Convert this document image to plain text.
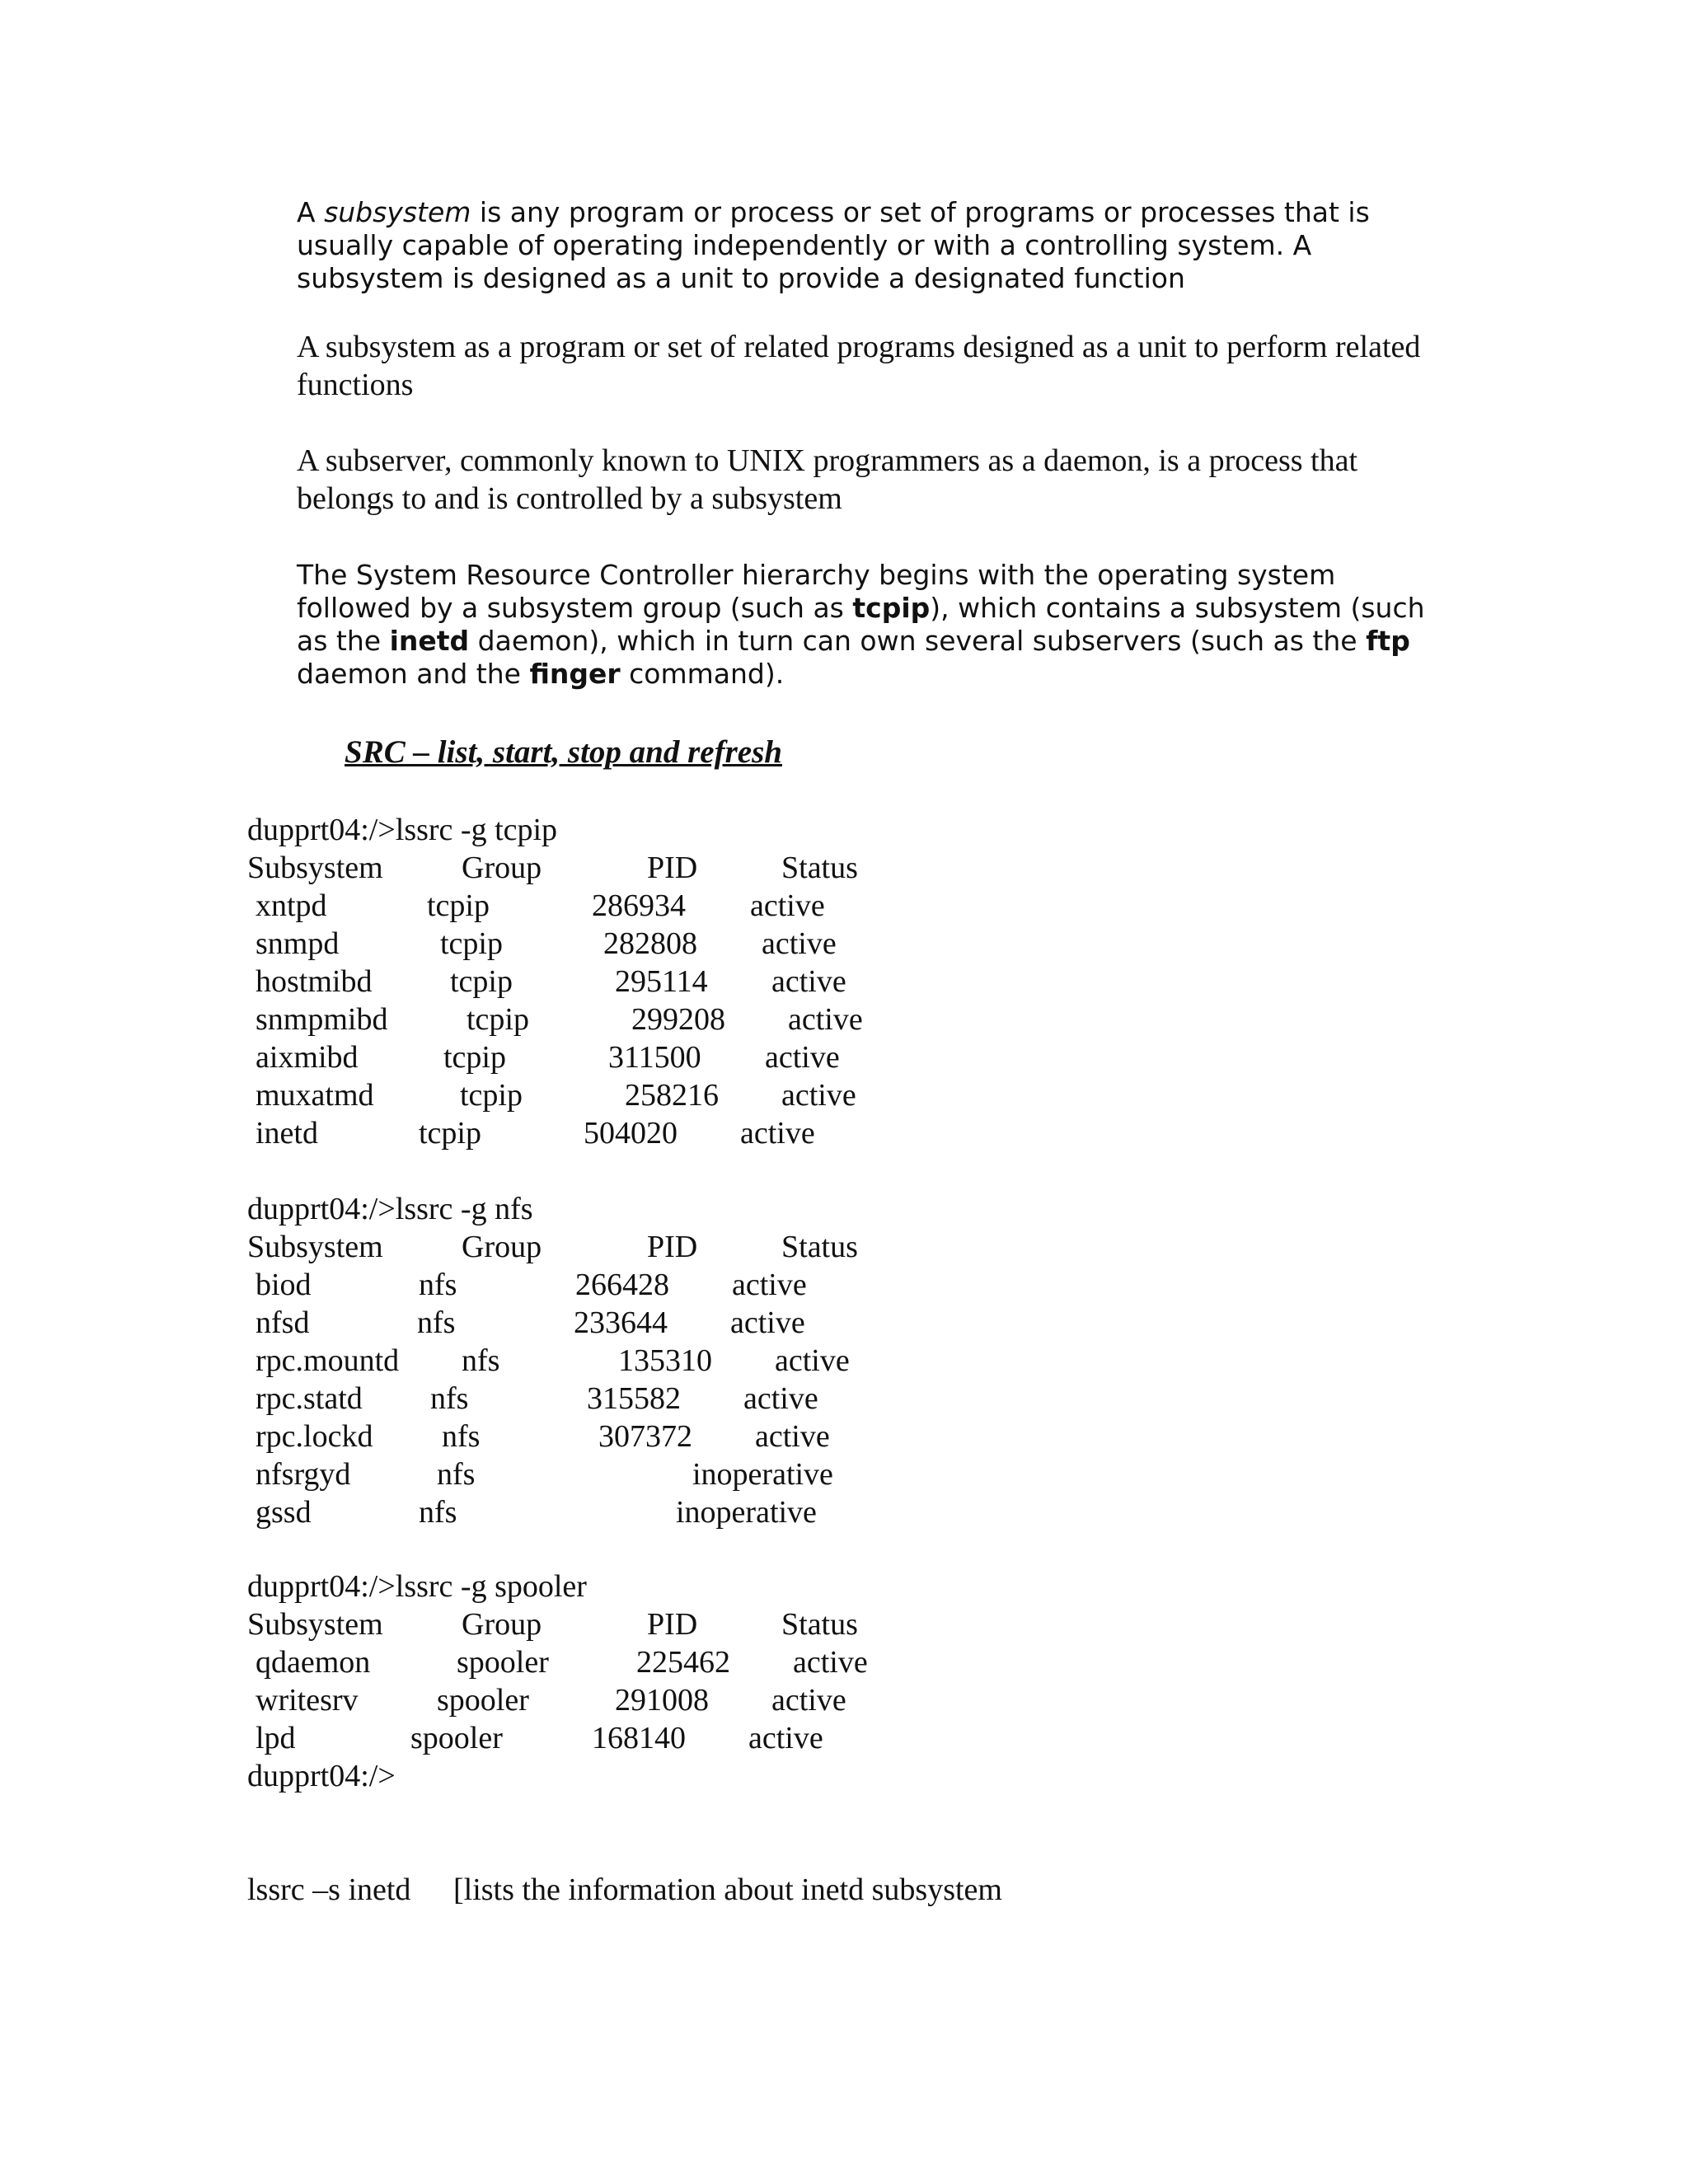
A subsystem is any program or process or set of programs or processes that is usually capable of operating independently or with a controlling system. A subsystem is designed as a unit to provide a designated function

A subsystem as a program or set of related programs designed as a unit to perform related functions

A subserver, commonly known to UNIX programmers as a daemon, is a process that belongs to and is controlled by a subsystem

The System Resource Controller hierarchy begins with the operating system followed by a subsystem group (such as tcpip), which contains a subsystem (such as the inetd daemon), which in turn can own several subservers (such as the ftp daemon and the finger command).

SRC – list, start, stop and refresh
dupprt04:/>lssrc -g tcpip
Subsystem	Group	PID	Status
xntpd	tcpip	286934 active
snmpd	tcpip	282808 active
hostmibd tcpip	295114 active
snmpmibd	tcpip	299208 active
aixmibd	tcpip	311500 active
muxatmd	tcpip	258216 active
inetd	tcpip	504020 active
dupprt04:/>lssrc -g nfs
Subsystem	Group	PID	Status
biod	nfs	266428 active
nfsd	nfs	233644 active
rpc.mountd nfs	135310 active
rpc.statd nfs	315582 active
rpc.lockd nfs	307372 active
nfsrgyd	nfs	inoperative
gssd	nfs	inoperative
dupprt04:/>lssrc -g spooler
Subsystem	Group	PID	Status
qdaemon	spooler	225462 active
writesrv	spooler	291008 active
lpd	spooler	168140 active
dupprt04:/>
lssrc –s inetd [lists the information about inetd subsystem
